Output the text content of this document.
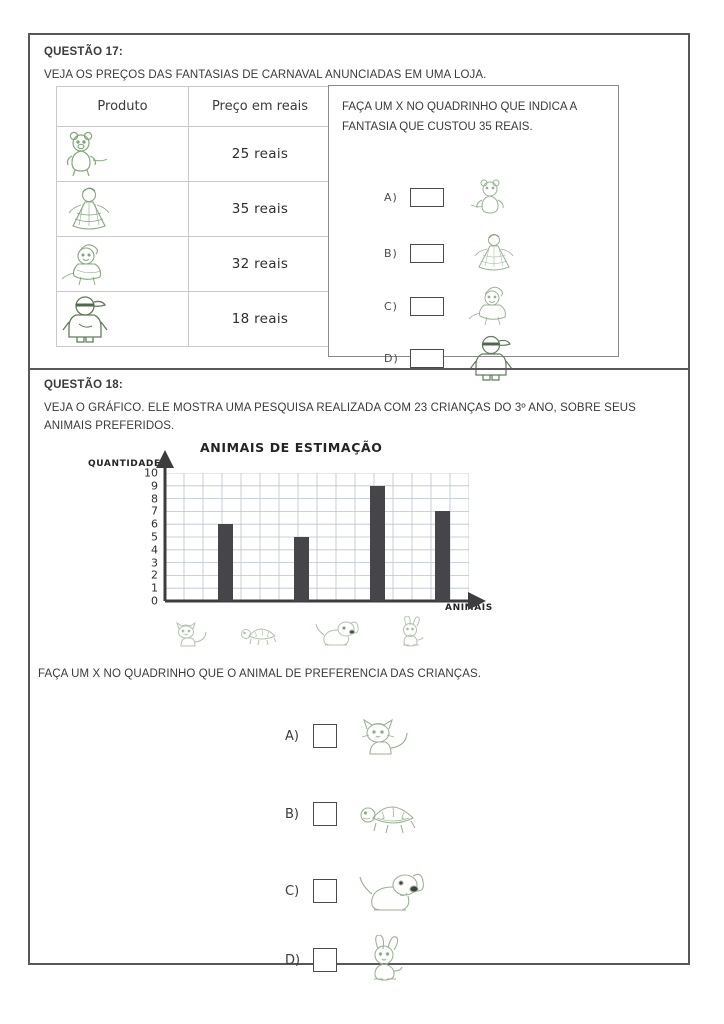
QUESTÃO 17:
VEJA OS PREÇOS DAS FANTASIAS DE CARNAVAL ANUNCIADAS EM UMA LOJA.
Produto	Preço em reais

	25 reais

	35 reais

	32 reais

	18 reais
FAÇA UM X NO QUADRINHO QUE INDICA A FANTASIA QUE CUSTOU 35 REAIS.
A)
B)
C)
D)
QUESTÃO 18:
VEJA O GRÁFICO. ELE MOSTRA UMA PESQUISA REALIZADA COM 23 CRIANÇAS DO 3º ANO, SOBRE SEUS
ANIMAIS PREFERIDOS.
ANIMAIS DE ESTIMAÇÃO
QUANTIDADE
ANIMAIS
0
1
2
3
4
5
6
7
8
9
10
FAÇA UM X NO QUADRINHO QUE O ANIMAL DE PREFERENCIA DAS CRIANÇAS.
A)
B)
C)
D)
